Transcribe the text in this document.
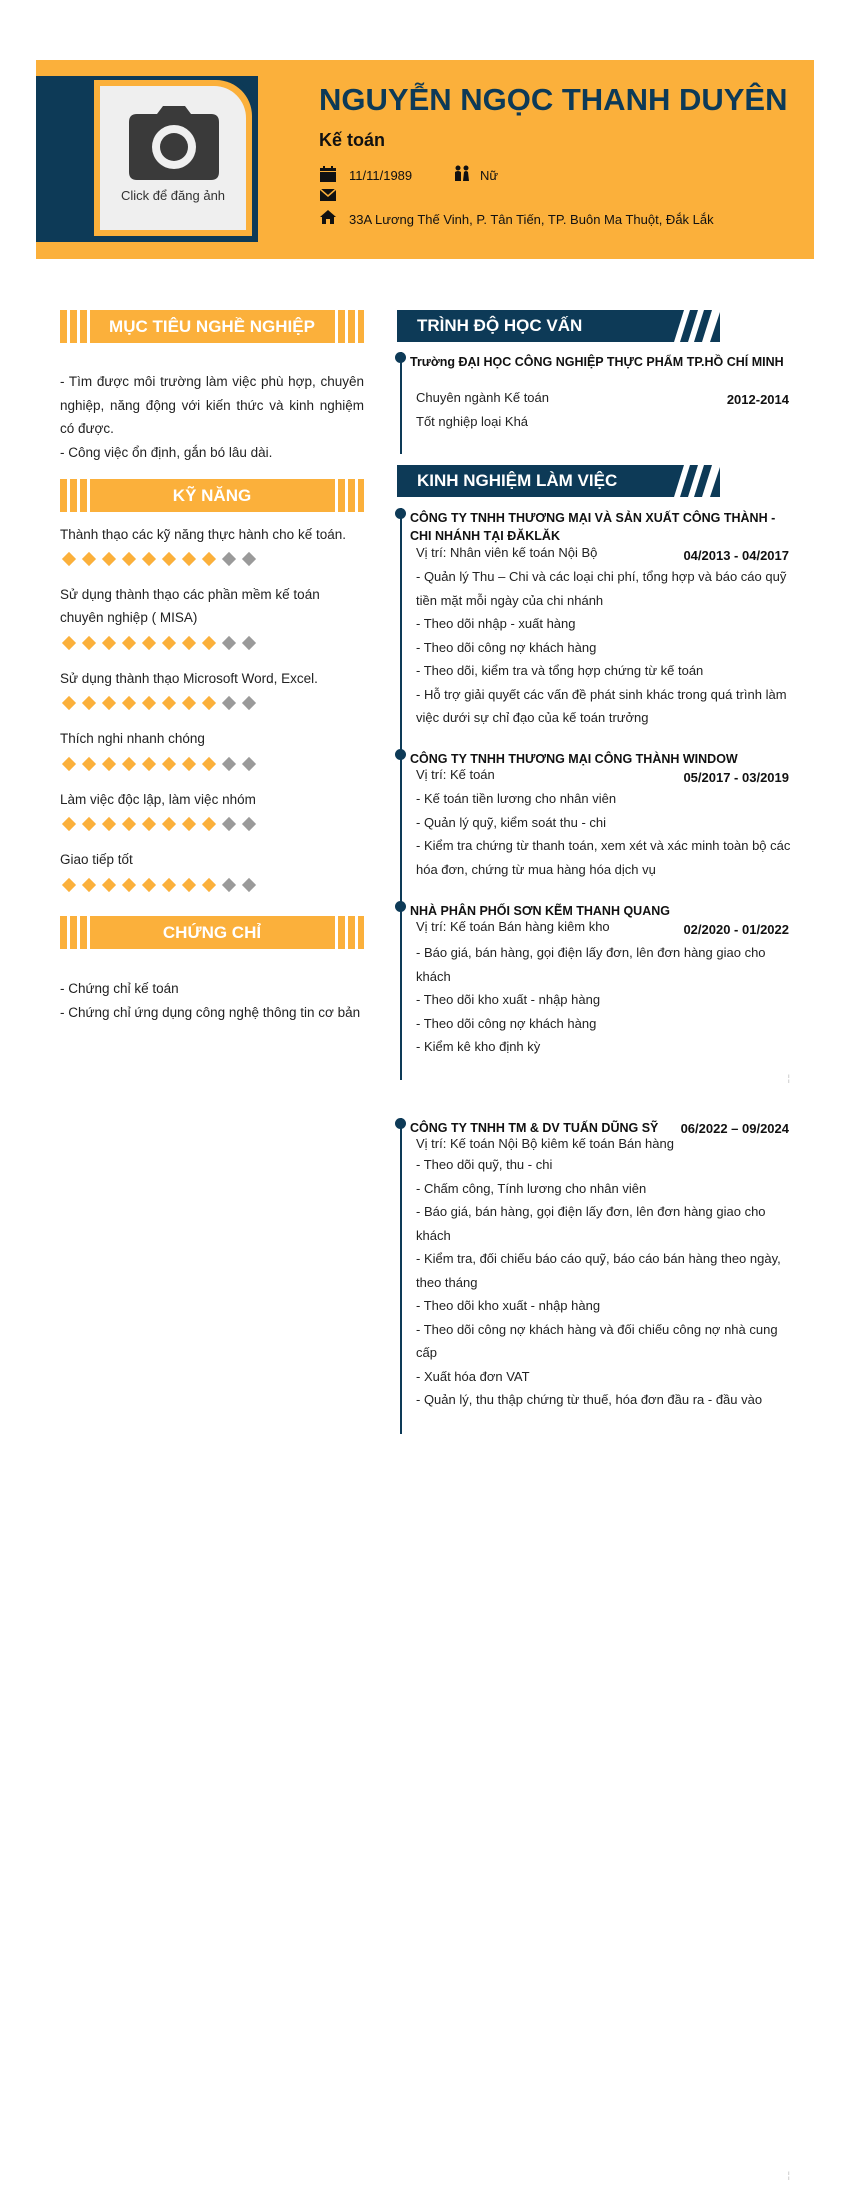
Click để đăng ảnh
NGUYỄN NGỌC THANH DUYÊN
Kế toán
11/11/1989	Nữ
33A Lương Thế Vinh, P. Tân Tiến, TP. Buôn Ma Thuột, Đắk Lắk
MỤC TIÊU NGHỀ NGHIỆP
- Tìm được môi trường làm việc phù hợp, chuyên nghiệp, năng động với kiến thức và kinh nghiệm có được.
- Công việc ổn định, gắn bó lâu dài.
KỸ NĂNG
Thành thạo các kỹ năng thực hành cho kế toán.
Sử dụng thành thạo các phần mềm kế toán chuyên nghiệp ( MISA)
Sử dụng thành thạo Microsoft Word, Excel.
Thích nghi nhanh chóng
Làm việc độc lập, làm việc nhóm
Giao tiếp tốt
CHỨNG CHỈ
- Chứng chỉ kế toán
- Chứng chỉ ứng dụng công nghệ thông tin cơ bản
TRÌNH ĐỘ HỌC VẤN
Trường ĐẠI HỌC CÔNG NGHIỆP THỰC PHẨM TP.HỒ CHÍ MINH
Chuyên ngành Kế toán	2012-2014
Tốt nghiệp loại Khá
KINH NGHIỆM LÀM VIỆC
CÔNG TY TNHH THƯƠNG MẠI VÀ SẢN XUẤT CÔNG THÀNH - CHI NHÁNH TẠI ĐĂKLĂK
Vị trí: Nhân viên kế toán Nội Bộ	04/2013 - 04/2017
- Quản lý Thu – Chi và các loại chi phí, tổng hợp và báo cáo quỹ tiền mặt mỗi ngày của chi nhánh
- Theo dõi nhập - xuất hàng
- Theo dõi công nợ khách hàng
- Theo dõi, kiểm tra và tổng hợp chứng từ kế toán
- Hỗ trợ giải quyết các vấn đề phát sinh khác trong quá trình làm việc dưới sự chỉ đạo của kế toán trưởng
CÔNG TY TNHH THƯƠNG MẠI CÔNG THÀNH WINDOW
Vị trí: Kế toán	05/2017 - 03/2019
- Kế toán tiền lương cho nhân viên
- Quản lý quỹ, kiểm soát thu - chi
- Kiểm tra chứng từ thanh toán, xem xét và xác minh toàn bộ các hóa đơn, chứng từ mua hàng hóa dịch vụ
NHÀ PHÂN PHỐI SƠN KẼM THANH QUANG
Vị trí: Kế toán Bán hàng kiêm kho	02/2020 - 01/2022
- Báo giá, bán hàng, gọi điện lấy đơn, lên đơn hàng giao cho khách
- Theo dõi kho xuất - nhập hàng
- Theo dõi công nợ khách hàng
- Kiểm kê kho định kỳ
¦
CÔNG TY TNHH TM & DV TUẤN DŨNG SỸ	06/2022 – 09/2024
Vị trí: Kế toán Nội Bộ kiêm kế toán Bán hàng
- Theo dõi quỹ, thu - chi
- Chấm công, Tính lương cho nhân viên
- Báo giá, bán hàng, gọi điện lấy đơn, lên đơn hàng giao cho khách
- Kiểm tra, đối chiếu báo cáo quỹ, báo cáo bán hàng theo ngày, theo tháng
- Theo dõi kho xuất - nhập hàng
- Theo dõi công nợ khách hàng và đối chiếu công nợ nhà cung cấp
- Xuất hóa đơn VAT
- Quản lý, thu thập chứng từ thuế, hóa đơn đầu ra - đầu vào
¦
